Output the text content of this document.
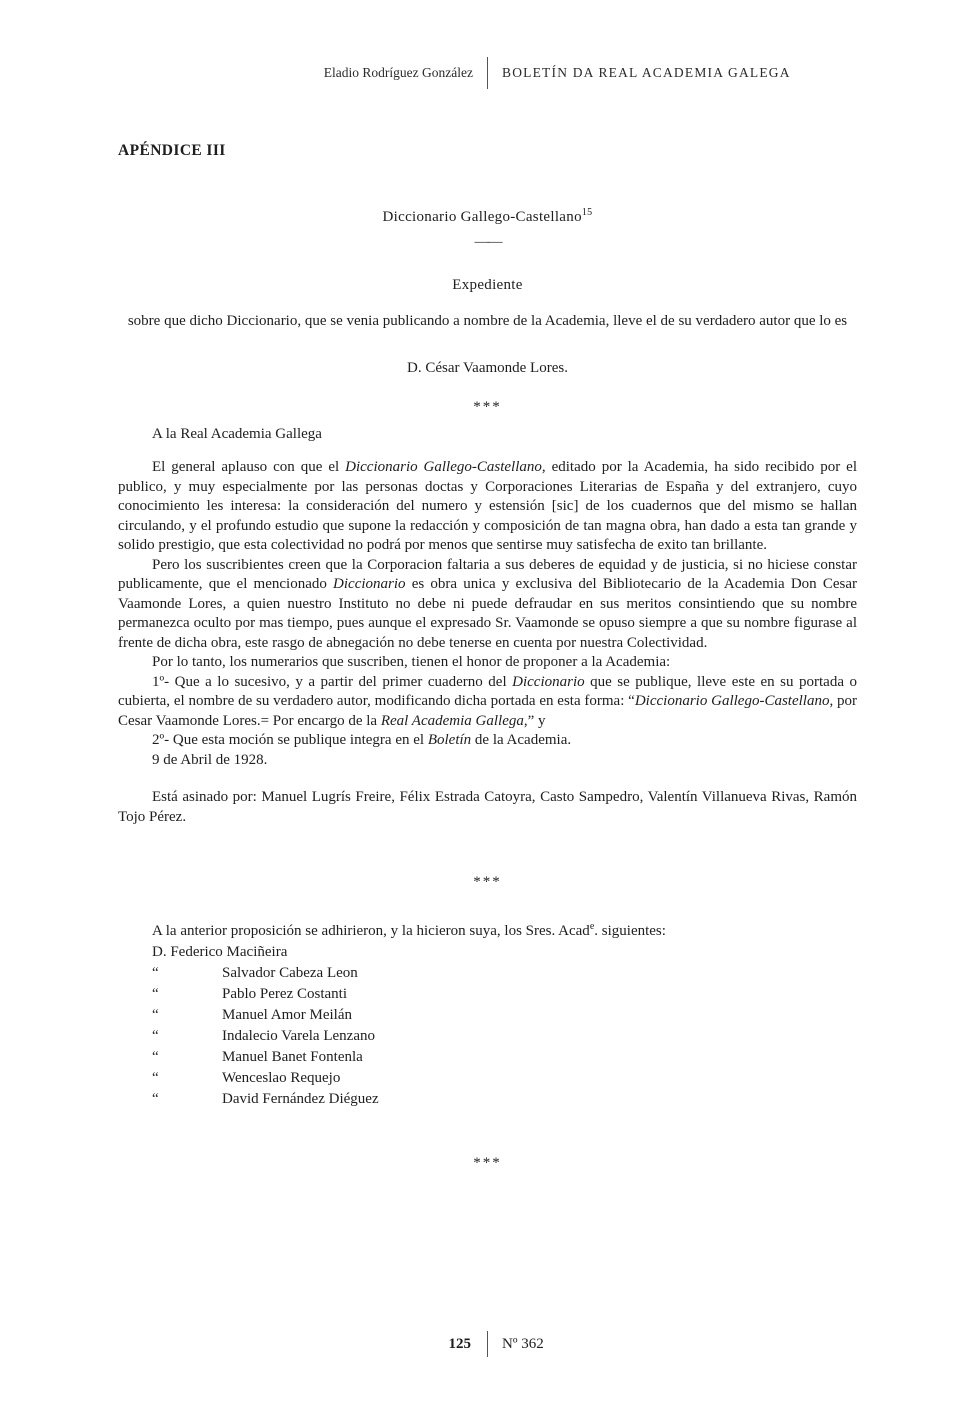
Eladio Rodríguez González	BOLETÍN DA REAL ACADEMIA GALEGA
APÉNDICE III
Diccionario Gallego-Castellano$^{15}$
——
Expediente
sobre que dicho Diccionario, que se venia publicando a nombre de la Academia, lleve el de su verdadero autor que lo es
D. César Vaamonde Lores.
***
A la Real Academia Gallega

El general aplauso con que el Diccionario Gallego-Castellano, editado por la Academia, ha sido recibido por el publico, y muy especialmente por las personas doctas y Corporaciones Literarias de España y del extranjero, cuyo conocimiento les interesa: la consideración del numero y estensión [sic] de los cuadernos que del mismo se hallan circulando, y el profundo estudio que supone la redacción y composición de tan magna obra, han dado a esta tan grande y solido prestigio, que esta colectividad no podrá por menos que sentirse muy satisfecha de exito tan brillante.

Pero los suscribientes creen que la Corporacion faltaria a sus deberes de equidad y de justicia, si no hiciese constar publicamente, que el mencionado Diccionario es obra unica y exclusiva del Bibliotecario de la Academia Don Cesar Vaamonde Lores, a quien nuestro Instituto no debe ni puede defraudar en sus meritos consintiendo que su nombre permanezca oculto por mas tiempo, pues aunque el expresado Sr. Vaamonde se opuso siempre a que su nombre figurase al frente de dicha obra, este rasgo de abnegación no debe tenerse en cuenta por nuestra Colectividad.

Por lo tanto, los numerarios que suscriben, tienen el honor de proponer a la Academia:

1º- Que a lo sucesivo, y a partir del primer cuaderno del Diccionario que se publique, lleve este en su portada o cubierta, el nombre de su verdadero autor, modificando dicha portada en esta forma: “Diccionario Gallego-Castellano, por Cesar Vaamonde Lores.= Por encargo de la Real Academia Gallega,” y

2º- Que esta moción se publique integra en el Boletín de la Academia.

9 de Abril de 1928.

Está asinado por: Manuel Lugrís Freire, Félix Estrada Catoyra, Casto Sampedro, Valentín Villanueva Rivas, Ramón Tojo Pérez.

***

A la anterior proposición se adhirieron, y la hicieron suya, los Sres. Acad$^e$. siguientes:

D. Federico Maciñeira
“	Salvador Cabeza Leon
“	Pablo Perez Costanti
“	Manuel Amor Meilán
“	Indalecio Varela Lenzano
“	Manuel Banet Fontenla
“	Wenceslao Requejo
“	David Fernández Diéguez
***
125	Nº 362
